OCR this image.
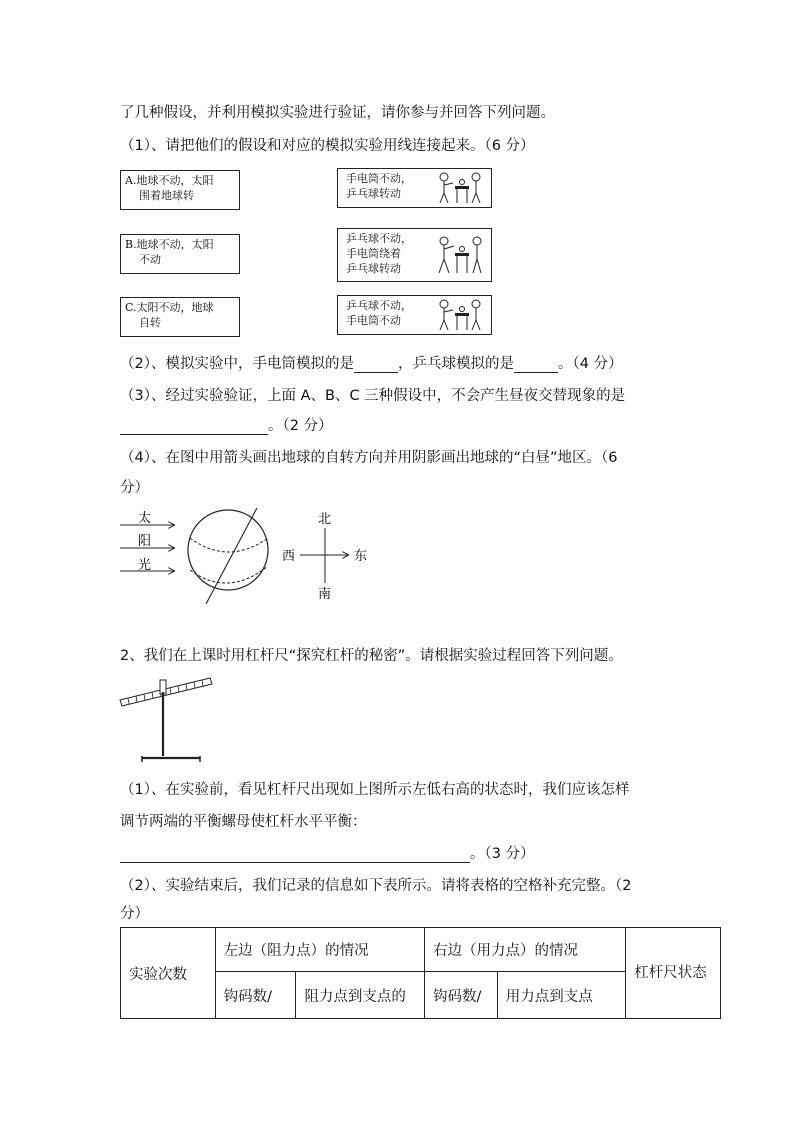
了几种假设，并利用模拟实验进行验证，请你参与并回答下列问题。
（1）、请把他们的假设和对应的模拟实验用线连接起来。（6 分）
A.地球不动，太阳
围着地球转
B.地球不动，太阳
不动
C.太阳不动，地球
自转
手电筒不动，
乒乓球转动
乒乓球不动，
手电筒绕着
乒乓球转动
乒乓球不动，
手电筒不动
（2）、模拟实验中，手电筒模拟的是	，乒乓球模拟的是	。（4 分）
（3）、经过实验验证，上面 A、B、C 三种假设中，不会产生昼夜交替现象的是
。（2 分）
（4）、在图中用箭头画出地球的自转方向并用阴影画出地球的“白昼”地区。（6
分）
太
阳
光
北
西	东
南
2、我们在上课时用杠杆尺“探究杠杆的秘密”。请根据实验过程回答下列问题。
（1）、在实验前，看见杠杆尺出现如上图所示左低右高的状态时，我们应该怎样
调节两端的平衡螺母使杠杆水平平衡：
。（3 分）
（2）、实验结束后，我们记录的信息如下表所示。请将表格的空格补充完整。（2
分）
实验次数	左边（阻力点）的情况		右边（用力点）的情况		杠杆尺状态
	钩码数/	阻力点到支点的	钩码数/	用力点到支点	
